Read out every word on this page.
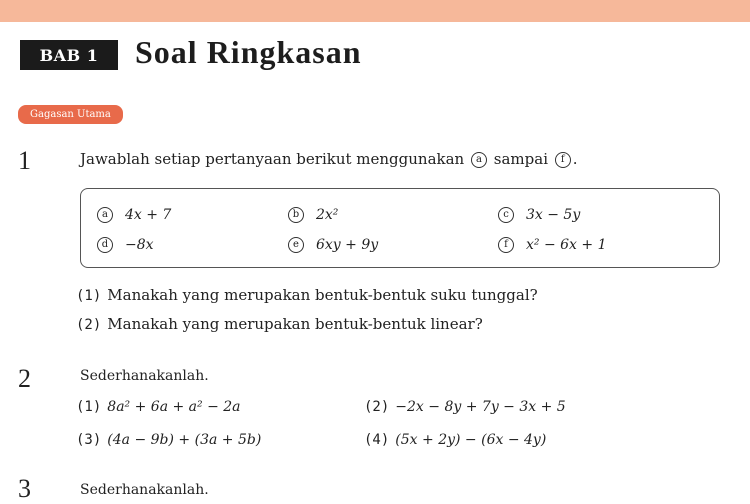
BAB 1	Soal Ringkasan
Gagasan Utama
1	Jawablah setiap pertanyaan berikut menggunakan a sampai f .
a 4x + 7	b 2x²	c 3x − 5y
d −8x	e 6xy + 9y	f x² − 6x + 1
(1) Manakah yang merupakan bentuk-bentuk suku tunggal?
(2) Manakah yang merupakan bentuk-bentuk linear?
2	Sederhanakanlah.
(1) 8a² + 6a + a² − 2a	(2) −2x − 8y + 7y − 3x + 5
(3) (4a − 9b) + (3a + 5b)	(4) (5x + 2y) − (6x − 4y)
3	Sederhanakanlah.
